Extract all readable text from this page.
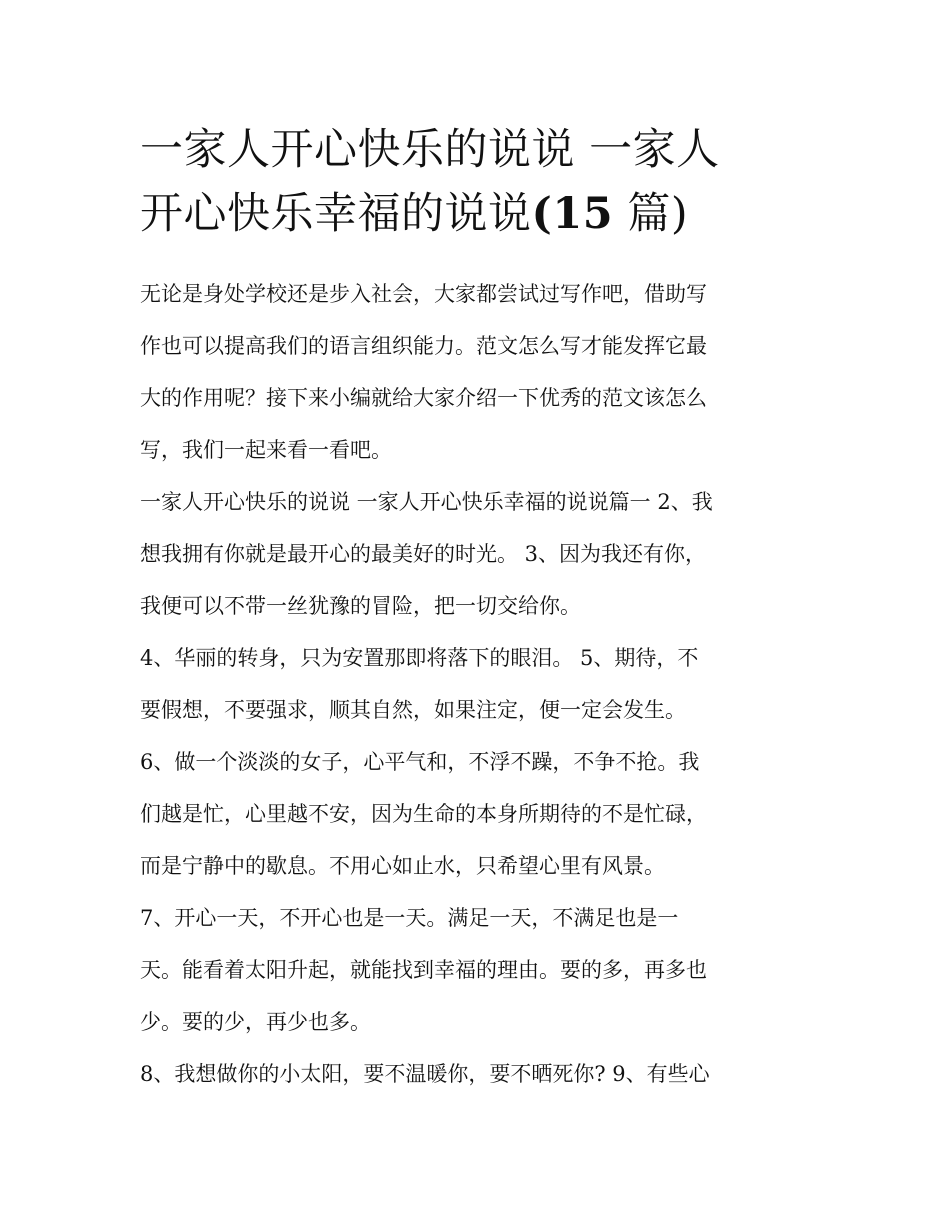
一家人开心快乐的说说 一家人
开心快乐幸福的说说(15 篇)
无论是身处学校还是步入社会，大家都尝试过写作吧，借助写
作也可以提高我们的语言组织能力。范文怎么写才能发挥它最
大的作用呢？接下来小编就给大家介绍一下优秀的范文该怎么
写，我们一起来看一看吧。
一家人开心快乐的说说 一家人开心快乐幸福的说说篇一 2、我
想我拥有你就是最开心的最美好的时光。 3、因为我还有你，
我便可以不带一丝犹豫的冒险，把一切交给你。
4、华丽的转身，只为安置那即将落下的眼泪。 5、期待，不
要假想，不要强求，顺其自然，如果注定，便一定会发生。
6、做一个淡淡的女子，心平气和，不浮不躁，不争不抢。我
们越是忙，心里越不安，因为生命的本身所期待的不是忙碌，
而是宁静中的歇息。不用心如止水，只希望心里有风景。
7、开心一天，不开心也是一天。满足一天，不满足也是一
天。能看着太阳升起，就能找到幸福的理由。要的多，再多也
少。要的少，再少也多。
8、我想做你的小太阳，要不温暖你，要不晒死你? 9、有些心
